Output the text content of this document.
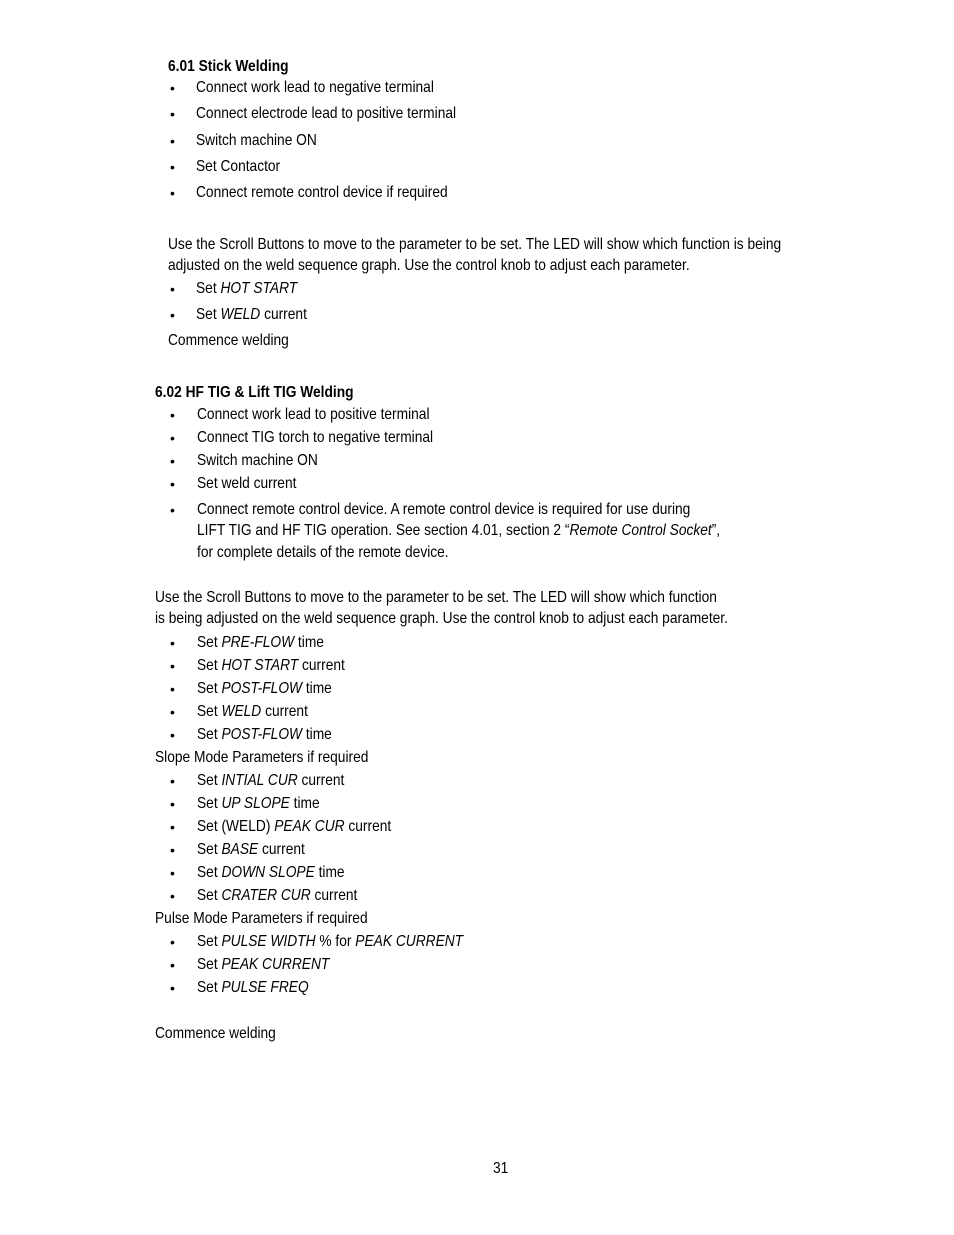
6.01 Stick Welding
• Connect work lead to negative terminal
• Connect electrode lead to positive terminal
• Switch machine ON
• Set Contactor
• Connect remote control device if required
Use the Scroll Buttons to move to the parameter to be set. The LED will show which function is being
adjusted on the weld sequence graph. Use the control knob to adjust each parameter.
• Set HOT START
• Set WELD current
Commence welding
6.02 HF TIG & Lift TIG Welding
• Connect work lead to positive terminal
• Connect TIG torch to negative terminal
• Switch machine ON
• Set weld current
• Connect remote control device. A remote control device is required for use during
LIFT TIG and HF TIG operation. See section 4.01, section 2 “Remote Control Socket”,
for complete details of the remote device.
Use the Scroll Buttons to move to the parameter to be set. The LED will show which function
is being adjusted on the weld sequence graph. Use the control knob to adjust each parameter.
• Set PRE-FLOW time
• Set HOT START current
• Set POST-FLOW time
• Set WELD current
• Set POST-FLOW time
Slope Mode Parameters if required
• Set INTIAL CUR current
• Set UP SLOPE time
• Set (WELD) PEAK CUR current
• Set BASE current
• Set DOWN SLOPE time
• Set CRATER CUR current
Pulse Mode Parameters if required
• Set PULSE WIDTH % for PEAK CURRENT
• Set PEAK CURRENT
• Set PULSE FREQ
Commence welding
31
